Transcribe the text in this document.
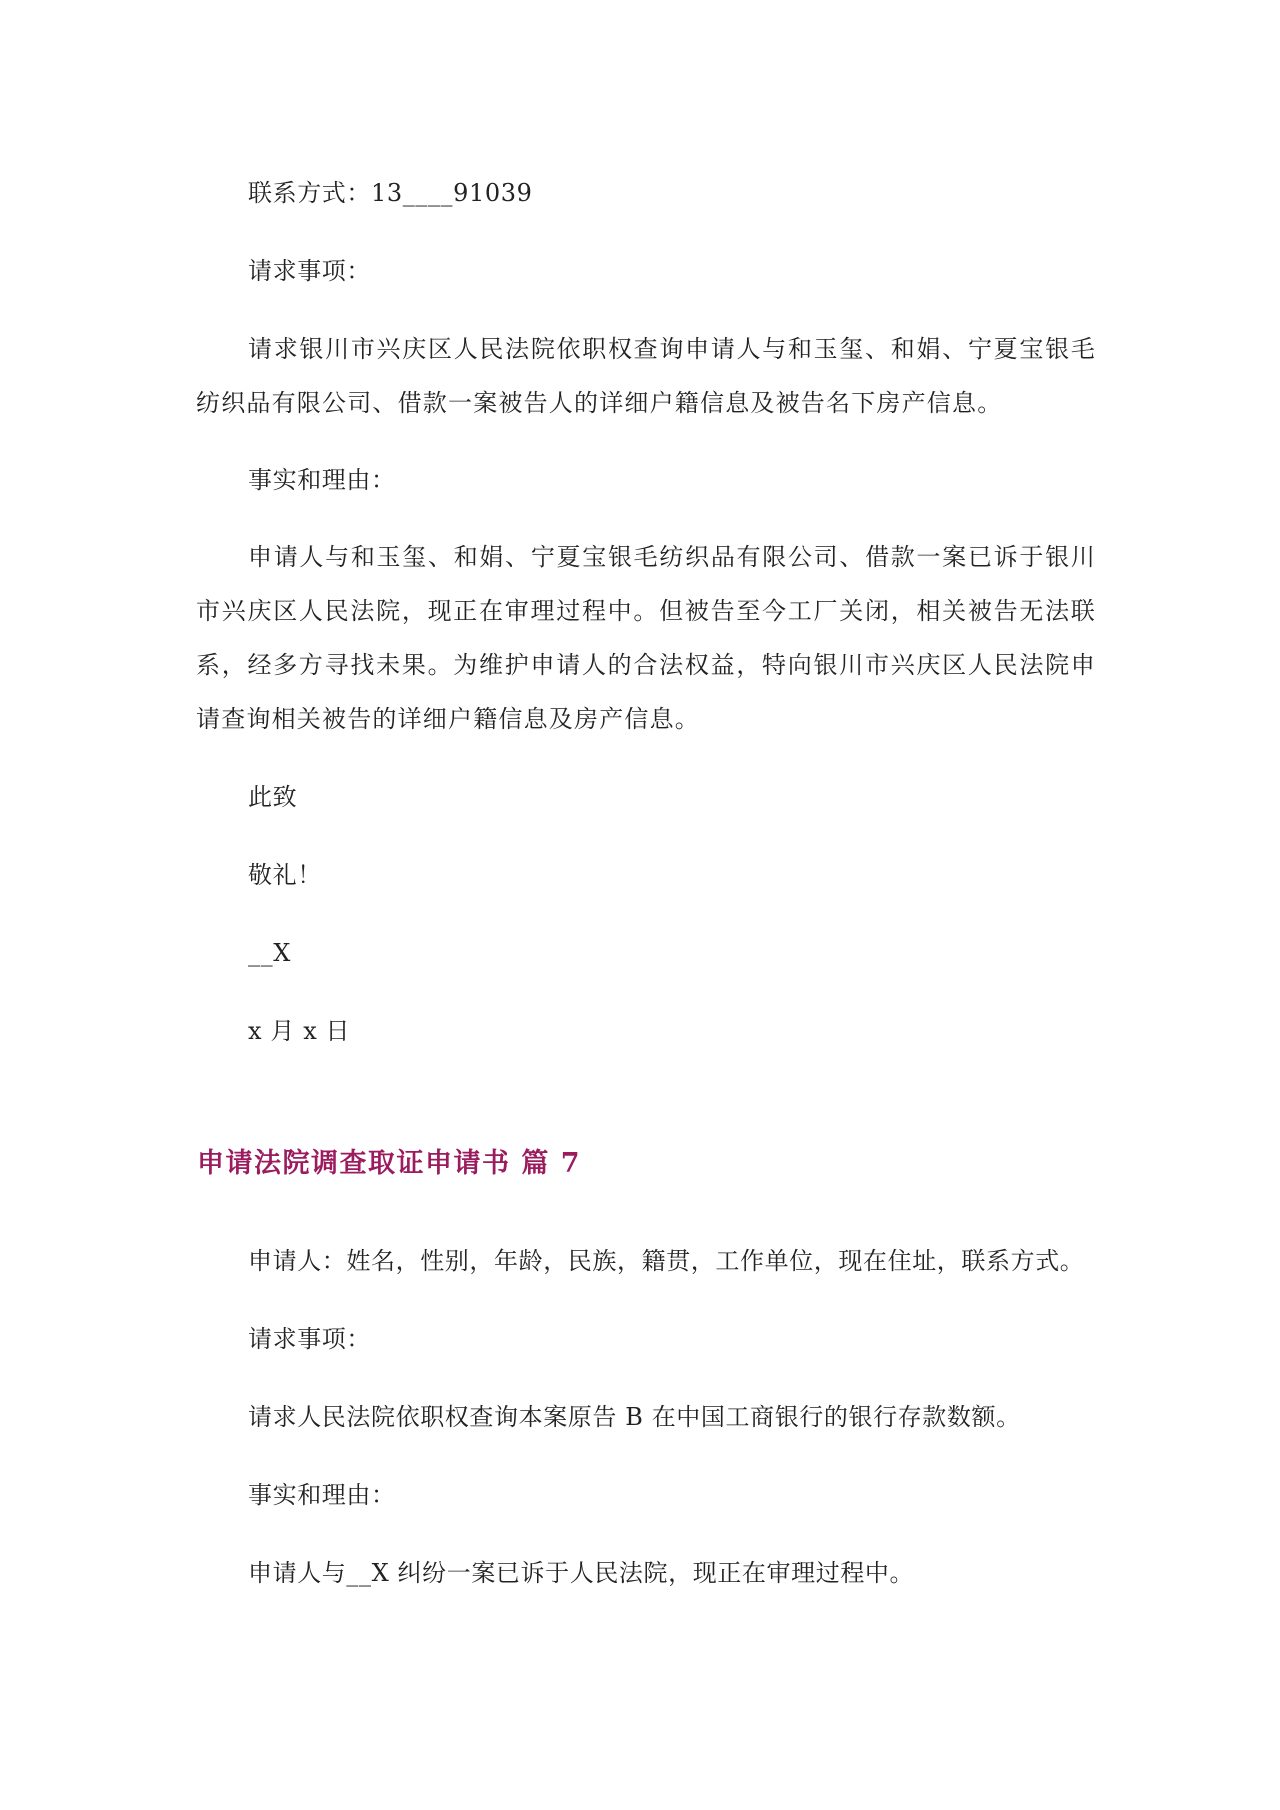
联系方式：13____91039
请求事项：

请求银川市兴庆区人民法院依职权查询申请人与和玉玺、和娟、宁夏宝银毛纺织品有限公司、借款一案被告人的详细户籍信息及被告名下房产信息。

事实和理由：

申请人与和玉玺、和娟、宁夏宝银毛纺织品有限公司、借款一案已诉于银川市兴庆区人民法院，现正在审理过程中。但被告至今工厂关闭，相关被告无法联系，经多方寻找未果。为维护申请人的合法权益，特向银川市兴庆区人民法院申请查询相关被告的详细户籍信息及房产信息。

此致
敬礼！
__X
x 月 x 日
申请法院调查取证申请书 篇 7
申请人：姓名，性别，年龄，民族，籍贯，工作单位，现在住址，联系方式。
请求事项：
请求人民法院依职权查询本案原告 B 在中国工商银行的银行存款数额。
事实和理由：
申请人与__X 纠纷一案已诉于人民法院，现正在审理过程中。
